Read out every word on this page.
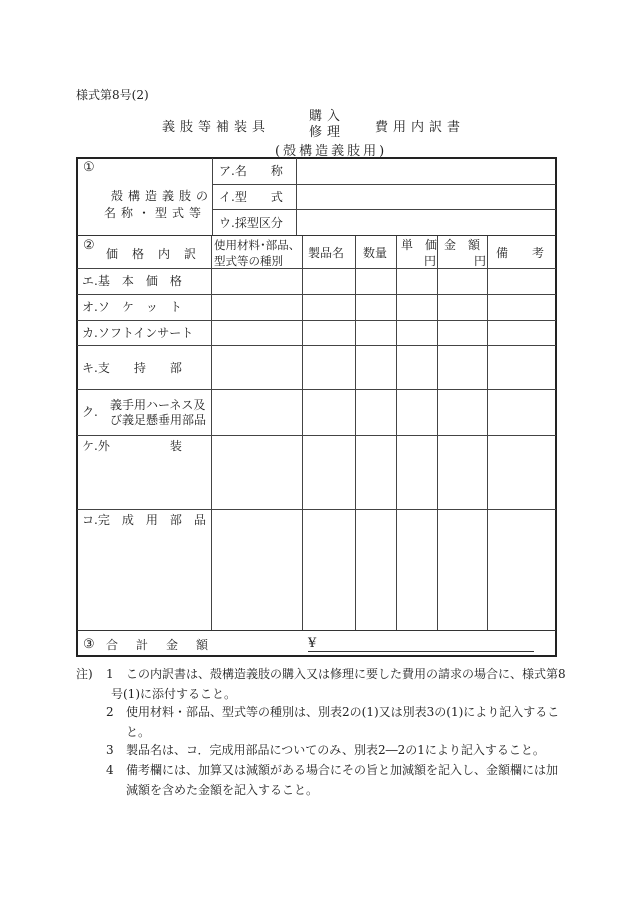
様式第8号(2)
義肢等補装具
購入
修理 費用内訳書
(殻構造義肢用)
①
殻構造義肢の
名称・型式等
ア.名　　称
イ.型　　式
ウ.採型区分
②
価　格　内　訳
使用材料･部品、
型式等の種別
製品名 数量
単　価
円
金　額
円
備　　考
エ.基　本　価　格
オ.ソ　ケ　ッ　ト
カ.ソフトインサート
キ.支　　持　　部
ク. 義手用ハーネス及
び義足懸垂用部品
ケ.外　　　　　装
コ.完　成　用　部　品
③ 合　計　金　額	¥
注) 1 この内訳書は、殻構造義肢の購入又は修理に要した費用の請求の場合に、様式第8
号(1)に添付すること。
2 使用材料・部品、型式等の種別は、別表2の(1)又は別表3の(1)により記入するこ
と。
3 製品名は、コ．完成用部品についてのみ、別表2―2の1により記入すること。
4 備考欄には、加算又は減額がある場合にその旨と加減額を記入し、金額欄には加
減額を含めた金額を記入すること。
